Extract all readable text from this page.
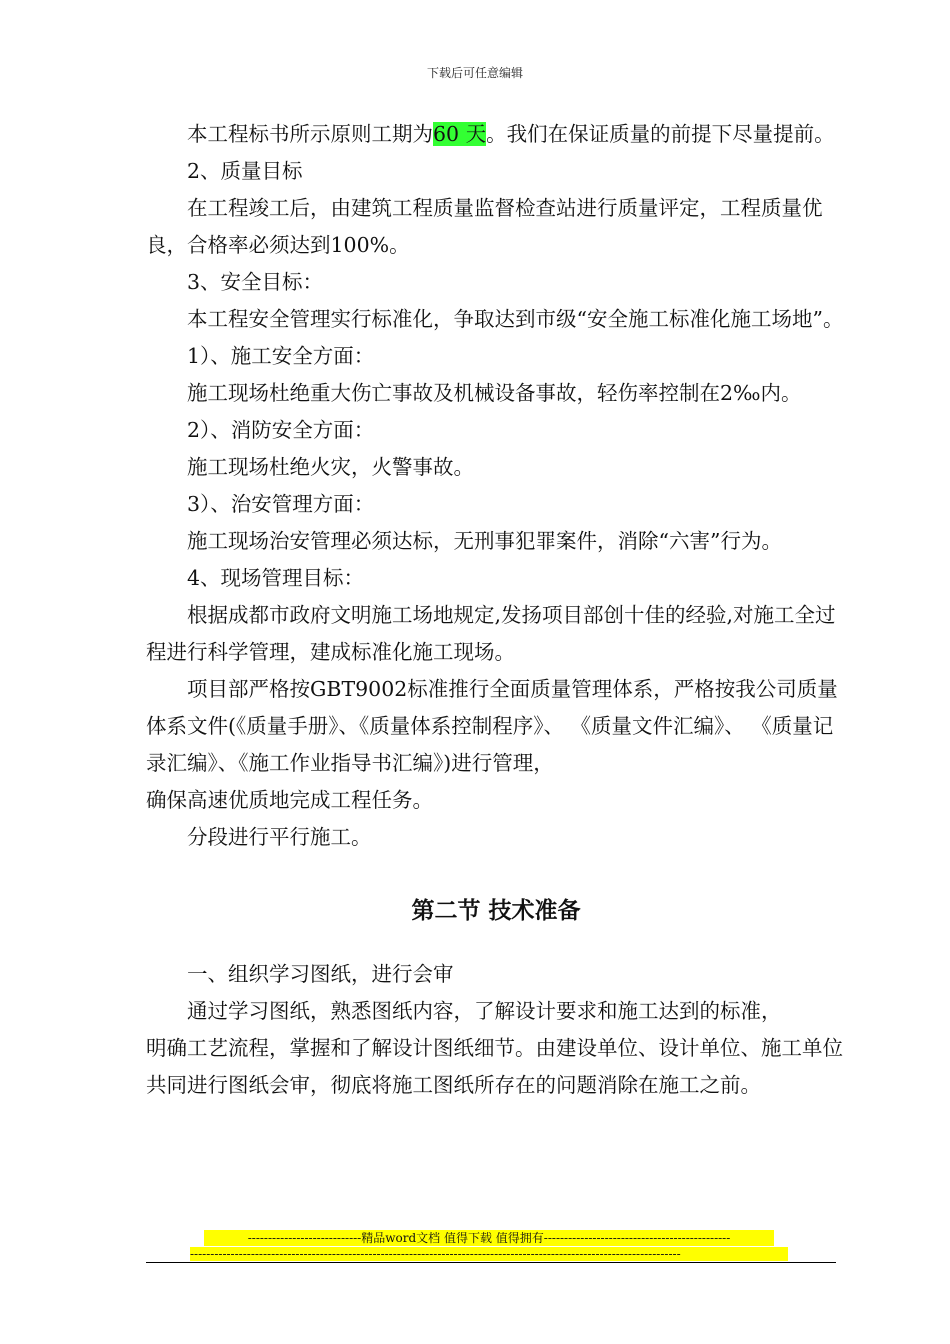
下载后可任意编辑

本工程标书所示原则工期为60 天。我们在保证质量的前提下尽量提前。

2、质量目标

在工程竣工后，由建筑工程质量监督检查站进行质量评定，工程质量优良，合格率必须达到100%。

3、安全目标：

本工程安全管理实行标准化，争取达到市级“安全施工标准化施工场地”。

1）、施工安全方面：

施工现场杜绝重大伤亡事故及机械设备事故，轻伤率控制在2‰内。

2）、消防安全方面：

施工现场杜绝火灾，火警事故。

3）、治安管理方面：

施工现场治安管理必须达标，无刑事犯罪案件，消除“六害”行为。

4、现场管理目标：

根据成都市政府文明施工场地规定,发扬项目部创十佳的经验,对施工全过程进行科学管理，建成标准化施工现场。

项目部严格按GBT9002标准推行全面质量管理体系，严格按我公司质量体系文件(《质量手册》、《质量体系控制程序》、 《质量文件汇编》、 《质量记录汇编》、《施工作业指导书汇编》)进行管理，

确保高速优质地完成工程任务。

分段进行平行施工。

第二节 技术准备

一、组织学习图纸，进行会审

通过学习图纸，熟悉图纸内容，了解设计要求和施工达到的标准，

明确工艺流程，掌握和了解设计图纸细节。由建设单位、设计单位、施工单位共同进行图纸会审，彻底将施工图纸所存在的问题消除在施工之前。

----------------------------精品word文档 值得下载 值得拥有----------------------------------------------
-------------------------------------------------------------------------------------------------------------------------
